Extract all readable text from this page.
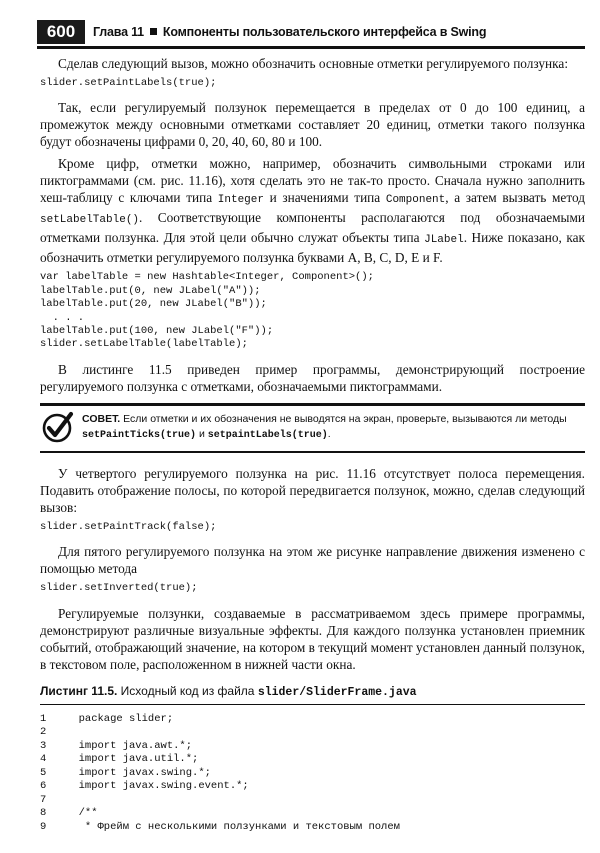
600	Глава 11 Компоненты пользовательского интерфейса в Swing

Сделав следующий вызов, можно обозначить основные отметки регулируемого ползунка:

slider.setPaintLabels(true);

Так, если регулируемый ползунок перемещается в пределах от 0 до 100 единиц, а промежуток между основными отметками составляет 20 единиц, отметки такого ползунка будут обозначены цифрами 0, 20, 40, 60, 80 и 100.

Кроме цифр, отметки можно, например, обозначить символьными строками или пиктограммами (см. рис. 11.16), хотя сделать это не так-то просто. Сначала нужно заполнить хеш-таблицу с ключами типа Integer и значениями типа Component, а затем вызвать метод setLabelTable(). Соответствующие компоненты располагаются под обозначаемыми отметками ползунка. Для этой цели обычно служат объекты типа JLabel. Ниже показано, как обозначить отметки регулируемого ползунка буквами A, B, C, D, E и F.

var labelTable = new Hashtable<Integer, Component>();
labelTable.put(0, new JLabel("A"));
labelTable.put(20, new JLabel("B"));
. . .
labelTable.put(100, new JLabel("F"));
slider.setLabelTable(labelTable);

В листинге 11.5 приведен пример программы, демонстрирующий построение регулируемого ползунка с отметками, обозначаемыми пиктограммами.

СОВЕТ. Если отметки и их обозначения не выводятся на экран, проверьте, вызываются ли методы
setPaintTicks(true) и setpaintLabels(true).

У четвертого регулируемого ползунка на рис. 11.16 отсутствует полоса перемещения. Подавить отображение полосы, по которой передвигается ползунок, можно, сделав следующий вызов:

slider.setPaintTrack(false);

Для пятого регулируемого ползунка на этом же рисунке направление движения изменено с помощью метода

slider.setInverted(true);

Регулируемые ползунки, создаваемые в рассматриваемом здесь примере программы, демонстрируют различные визуальные эффекты. Для каждого ползунка установлен приемник событий, отображающий значение, на котором в текущий момент установлен данный ползунок, в текстовом поле, расположенном в нижней части окна.

Листинг 11.5. Исходный код из файла slider/SliderFrame.java
1	package slider;
2	
3	import java.awt.*;
4	import java.util.*;
5	import javax.swing.*;
6	import javax.swing.event.*;
7	
8	/**
9	* Фрейм с несколькими ползунками и текстовым полем
